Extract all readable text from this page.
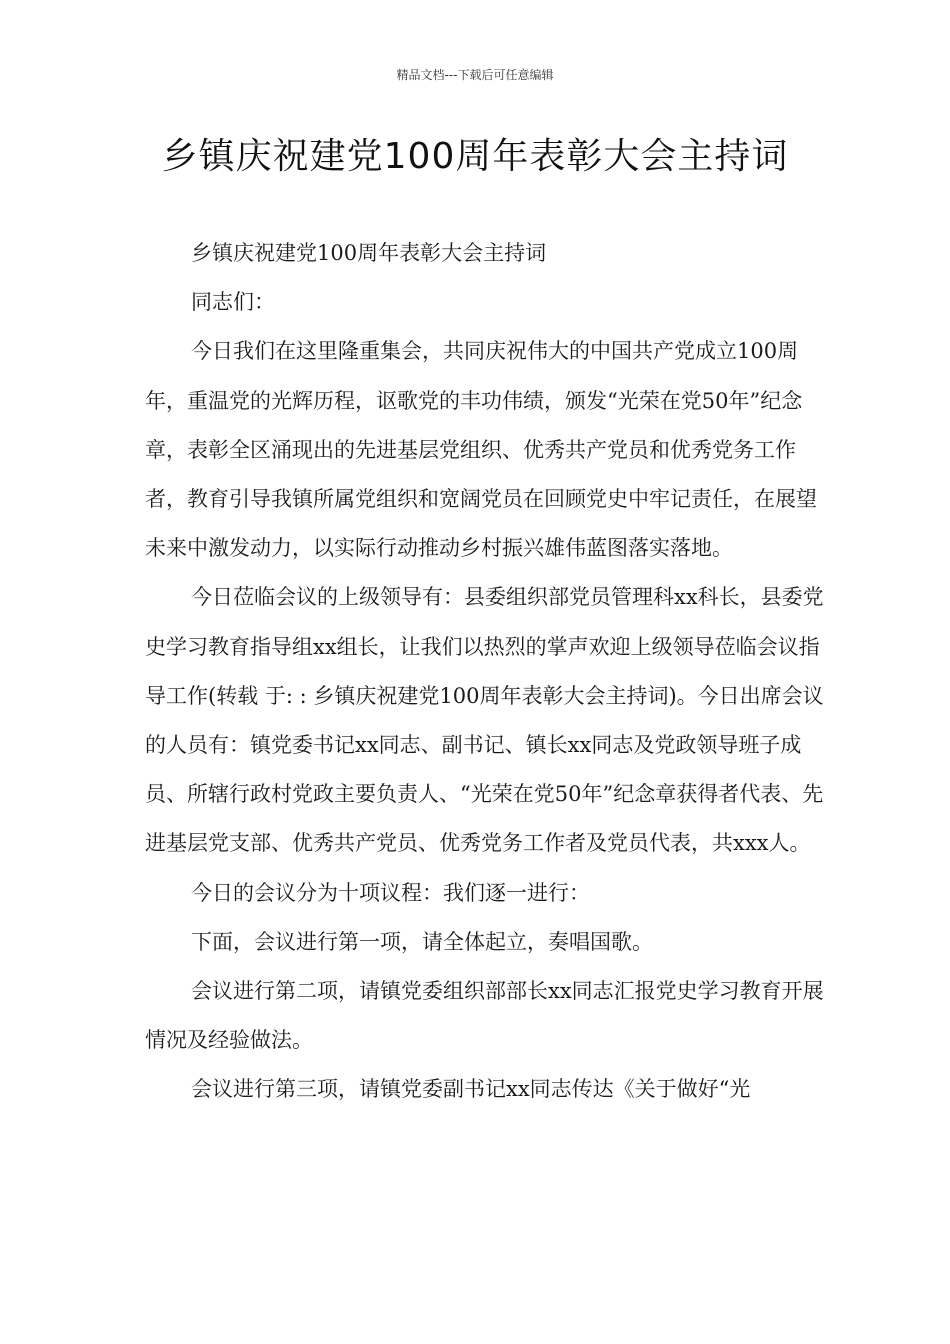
精品文档---下载后可任意编辑
乡镇庆祝建党100周年表彰大会主持词

乡镇庆祝建党100周年表彰大会主持词

同志们：

今日我们在这里隆重集会，共同庆祝伟大的中国共产党成立100周年，重温党的光辉历程，讴歌党的丰功伟绩，颁发“光荣在党50年”纪念章，表彰全区涌现出的先进基层党组织、优秀共产党员和优秀党务工作者，教育引导我镇所属党组织和宽阔党员在回顾党史中牢记责任，在展望未来中激发动力，以实际行动推动乡村振兴雄伟蓝图落实落地。

今日莅临会议的上级领导有：县委组织部党员管理科xx科长，县委党史学习教育指导组xx组长，让我们以热烈的掌声欢迎上级领导莅临会议指导工作(转载 于: : 乡镇庆祝建党100周年表彰大会主持词)。今日出席会议的人员有：镇党委书记xx同志、副书记、镇长xx同志及党政领导班子成员、所辖行政村党政主要负责人、“光荣在党50年”纪念章获得者代表、先进基层党支部、优秀共产党员、优秀党务工作者及党员代表，共xxx人。

今日的会议分为十项议程：我们逐一进行：

下面，会议进行第一项，请全体起立，奏唱国歌。

会议进行第二项，请镇党委组织部部长xx同志汇报党史学习教育开展情况及经验做法。

会议进行第三项，请镇党委副书记xx同志传达《关于做好“光
